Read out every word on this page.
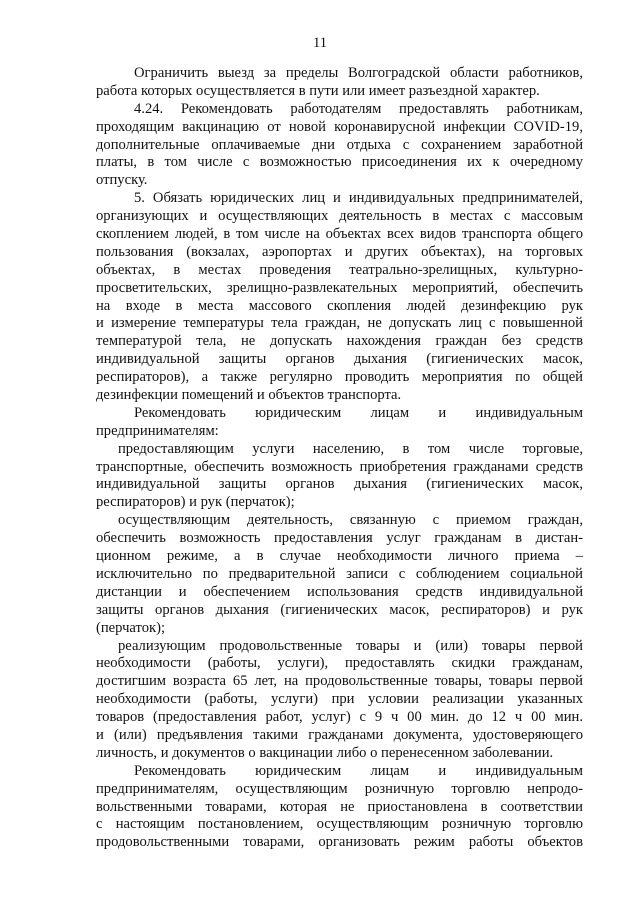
11
Ограничить выезд за пределы Волгоградской области работников,
работа которых осуществляется в пути или имеет разъездной характер.
4.24. Рекомендовать работодателям предоставлять работникам,
проходящим вакцинацию от новой коронавирусной инфекции COVID-19,
дополнительные оплачиваемые дни отдыха с сохранением заработной
платы, в том числе с возможностью присоединения их к очередному
отпуску.
5. Обязать юридических лиц и индивидуальных предпринимателей,
организующих и осуществляющих деятельность в местах с массовым
скоплением людей, в том числе на объектах всех видов транспорта общего
пользования (вокзалах, аэропортах и других объектах), на торговых
объектах, в местах проведения театрально-зрелищных, культурно-
просветительских, зрелищно-развлекательных мероприятий, обеспечить
на входе в места массового скопления людей дезинфекцию рук
и измерение температуры тела граждан, не допускать лиц с повышенной
температурой тела, не допускать нахождения граждан без средств
индивидуальной защиты органов дыхания (гигиенических масок,
респираторов), а также регулярно проводить мероприятия по общей
дезинфекции помещений и объектов транспорта.
Рекомендовать юридическим лицам и индивидуальным
предпринимателям:
предоставляющим услуги населению, в том числе торговые,
транспортные, обеспечить возможность приобретения гражданами средств
индивидуальной защиты органов дыхания (гигиенических масок,
респираторов) и рук (перчаток);
осуществляющим деятельность, связанную с приемом граждан,
обеспечить возможность предоставления услуг гражданам в дистан-
ционном режиме, а в случае необходимости личного приема –
исключительно по предварительной записи с соблюдением социальной
дистанции и обеспечением использования средств индивидуальной
защиты органов дыхания (гигиенических масок, респираторов) и рук
(перчаток);
реализующим продовольственные товары и (или) товары первой
необходимости (работы, услуги), предоставлять скидки гражданам,
достигшим возраста 65 лет, на продовольственные товары, товары первой
необходимости (работы, услуги) при условии реализации указанных
товаров (предоставления работ, услуг) с 9 ч 00 мин. до 12 ч 00 мин.
и (или) предъявления такими гражданами документа, удостоверяющего
личность, и документов о вакцинации либо о перенесенном заболевании.
Рекомендовать юридическим лицам и индивидуальным
предпринимателям, осуществляющим розничную торговлю непродо-
вольственными товарами, которая не приостановлена в соответствии
с настоящим постановлением, осуществляющим розничную торговлю
продовольственными товарами, организовать режим работы объектов
